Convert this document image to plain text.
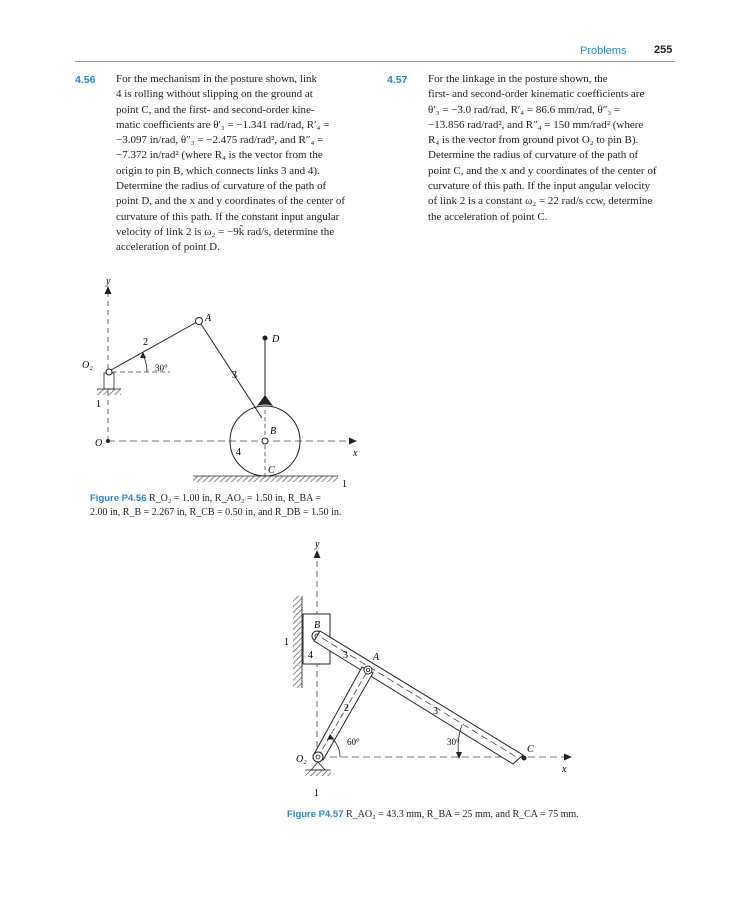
Problems	255
4.56 For the mechanism in the posture shown, link
4 is rolling without slipping on the ground at
point C, and the first- and second-order kine-
matic coefficients are θ′₃ = −1.341 rad/rad, R′₄ =
−3.097 in/rad, θ″₃ = −2.475 rad/rad², and R″₄ =
−7.372 in/rad² (where R₄ is the vector from the
origin to pin B, which connects links 3 and 4).
Determine the radius of curvature of the path of
point D, and the x and y coordinates of the center of
curvature of this path. If the constant input angular
velocity of link 2 is ω₂ = −9k̂ rad/s, determine the
acceleration of point D.
4.57 For the linkage in the posture shown, the
first- and second-order kinematic coefficients are
θ′₃ = −3.0 rad/rad, R′₄ = 86.6 mm/rad, θ″₃ =
−13.856 rad/rad², and R″₄ = 150 mm/rad² (where
R₄ is the vector from ground pivot O₂ to pin B).
Determine the radius of curvature of the path of
point C, and the x and y coordinates of the center of
curvature of this path. If the input angular velocity
of link 2 is a constant ω₂ = 22 rad/s ccw, determine
the acceleration of point C.
y
x
O
O₂
1
30°
2
A
3
B
4
D
C
1
y
x
1
B
4	3
3
C
2
A
O₂
1
60°	30°
Figure P4.56 R_O₂ = 1.00 in, R_AO₂ = 1.50 in, R_BA =
2.00 in, R_B = 2.267 in, R_CB = 0.50 in, and R_DB = 1.50 in.
Figure P4.57 R_AO₂ = 43.3 mm, R_BA = 25 mm, and R_CA = 75 mm.
